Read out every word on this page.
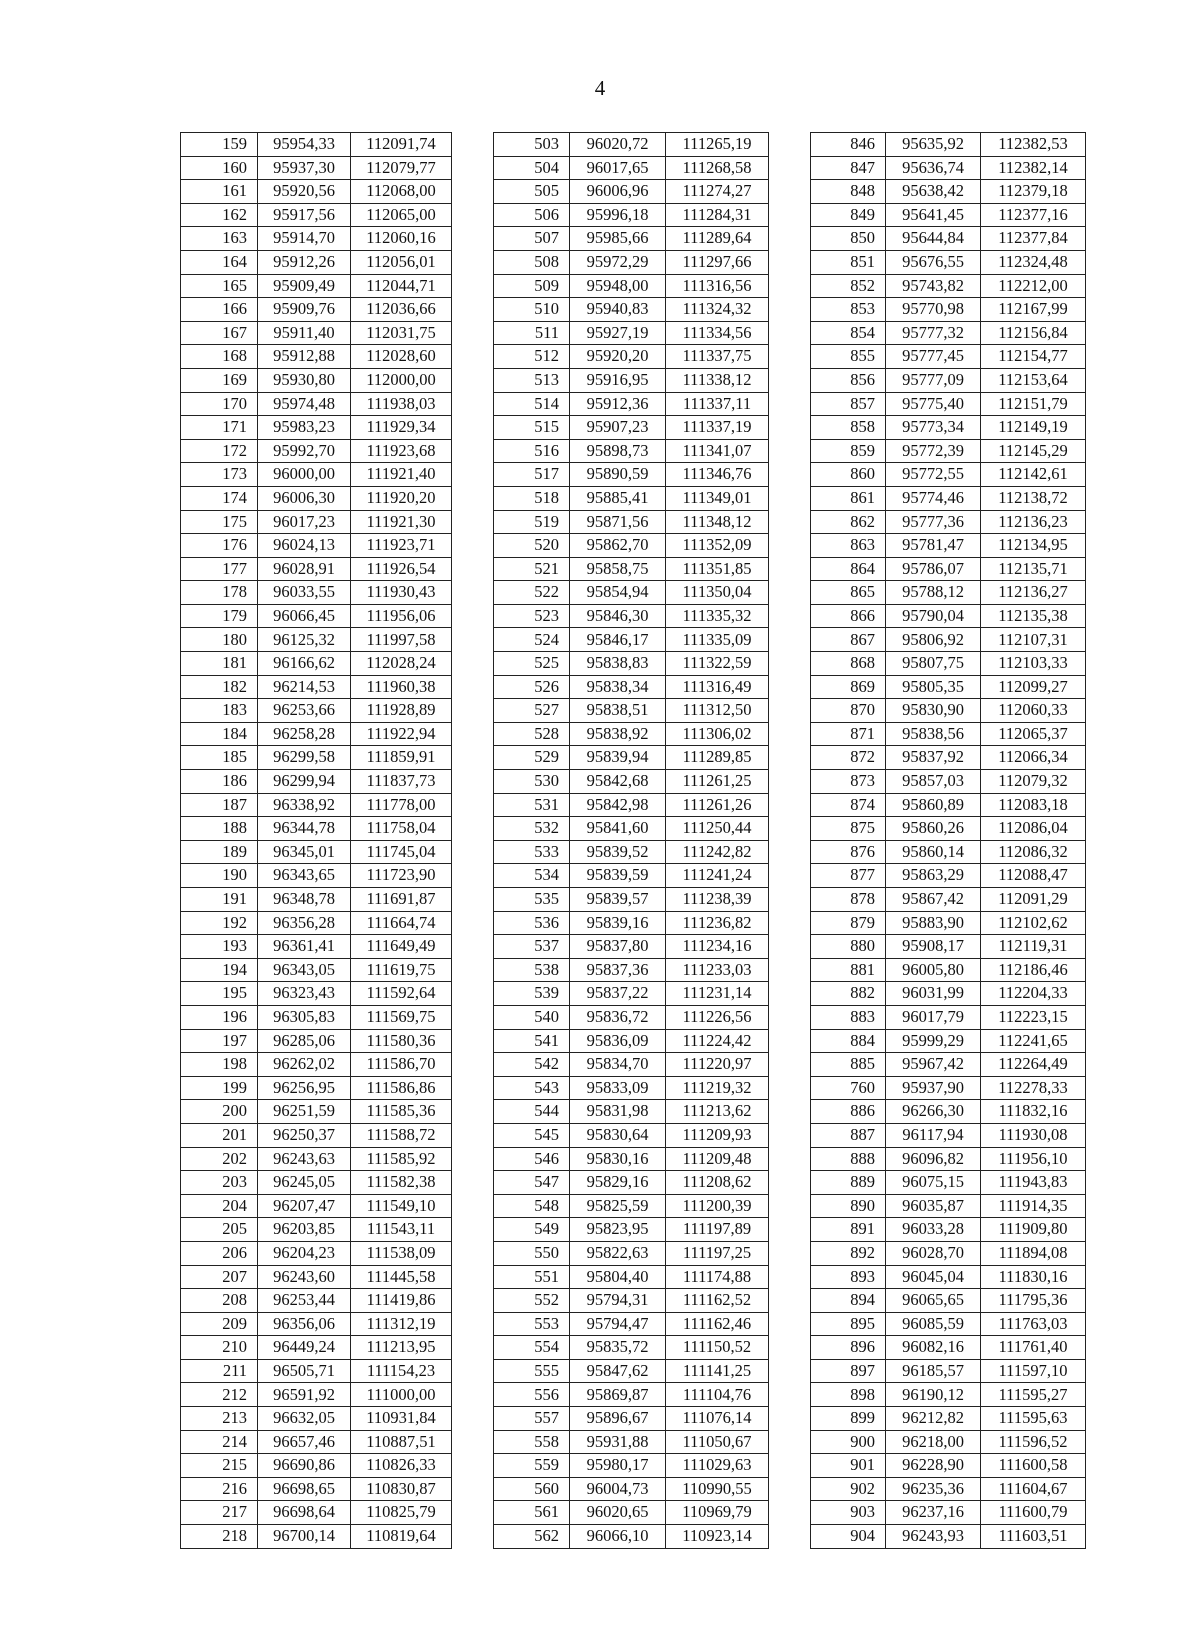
4
159	95954,33	112091,74		503	96020,72	111265,19		846	95635,92	112382,53
160	95937,30	112079,77		504	96017,65	111268,58		847	95636,74	112382,14
161	95920,56	112068,00		505	96006,96	111274,27		848	95638,42	112379,18
162	95917,56	112065,00		506	95996,18	111284,31		849	95641,45	112377,16
163	95914,70	112060,16		507	95985,66	111289,64		850	95644,84	112377,84
164	95912,26	112056,01		508	95972,29	111297,66		851	95676,55	112324,48
165	95909,49	112044,71		509	95948,00	111316,56		852	95743,82	112212,00
166	95909,76	112036,66		510	95940,83	111324,32		853	95770,98	112167,99
167	95911,40	112031,75		511	95927,19	111334,56		854	95777,32	112156,84
168	95912,88	112028,60		512	95920,20	111337,75		855	95777,45	112154,77
169	95930,80	112000,00		513	95916,95	111338,12		856	95777,09	112153,64
170	95974,48	111938,03		514	95912,36	111337,11		857	95775,40	112151,79
171	95983,23	111929,34		515	95907,23	111337,19		858	95773,34	112149,19
172	95992,70	111923,68		516	95898,73	111341,07		859	95772,39	112145,29
173	96000,00	111921,40		517	95890,59	111346,76		860	95772,55	112142,61
174	96006,30	111920,20		518	95885,41	111349,01		861	95774,46	112138,72
175	96017,23	111921,30		519	95871,56	111348,12		862	95777,36	112136,23
176	96024,13	111923,71		520	95862,70	111352,09		863	95781,47	112134,95
177	96028,91	111926,54		521	95858,75	111351,85		864	95786,07	112135,71
178	96033,55	111930,43		522	95854,94	111350,04		865	95788,12	112136,27
179	96066,45	111956,06		523	95846,30	111335,32		866	95790,04	112135,38
180	96125,32	111997,58		524	95846,17	111335,09		867	95806,92	112107,31
181	96166,62	112028,24		525	95838,83	111322,59		868	95807,75	112103,33
182	96214,53	111960,38		526	95838,34	111316,49		869	95805,35	112099,27
183	96253,66	111928,89		527	95838,51	111312,50		870	95830,90	112060,33
184	96258,28	111922,94		528	95838,92	111306,02		871	95838,56	112065,37
185	96299,58	111859,91		529	95839,94	111289,85		872	95837,92	112066,34
186	96299,94	111837,73		530	95842,68	111261,25		873	95857,03	112079,32
187	96338,92	111778,00		531	95842,98	111261,26		874	95860,89	112083,18
188	96344,78	111758,04		532	95841,60	111250,44		875	95860,26	112086,04
189	96345,01	111745,04		533	95839,52	111242,82		876	95860,14	112086,32
190	96343,65	111723,90		534	95839,59	111241,24		877	95863,29	112088,47
191	96348,78	111691,87		535	95839,57	111238,39		878	95867,42	112091,29
192	96356,28	111664,74		536	95839,16	111236,82		879	95883,90	112102,62
193	96361,41	111649,49		537	95837,80	111234,16		880	95908,17	112119,31
194	96343,05	111619,75		538	95837,36	111233,03		881	96005,80	112186,46
195	96323,43	111592,64		539	95837,22	111231,14		882	96031,99	112204,33
196	96305,83	111569,75		540	95836,72	111226,56		883	96017,79	112223,15
197	96285,06	111580,36		541	95836,09	111224,42		884	95999,29	112241,65
198	96262,02	111586,70		542	95834,70	111220,97		885	95967,42	112264,49
199	96256,95	111586,86		543	95833,09	111219,32		760	95937,90	112278,33
200	96251,59	111585,36		544	95831,98	111213,62		886	96266,30	111832,16
201	96250,37	111588,72		545	95830,64	111209,93		887	96117,94	111930,08
202	96243,63	111585,92		546	95830,16	111209,48		888	96096,82	111956,10
203	96245,05	111582,38		547	95829,16	111208,62		889	96075,15	111943,83
204	96207,47	111549,10		548	95825,59	111200,39		890	96035,87	111914,35
205	96203,85	111543,11		549	95823,95	111197,89		891	96033,28	111909,80
206	96204,23	111538,09		550	95822,63	111197,25		892	96028,70	111894,08
207	96243,60	111445,58		551	95804,40	111174,88		893	96045,04	111830,16
208	96253,44	111419,86		552	95794,31	111162,52		894	96065,65	111795,36
209	96356,06	111312,19		553	95794,47	111162,46		895	96085,59	111763,03
210	96449,24	111213,95		554	95835,72	111150,52		896	96082,16	111761,40
211	96505,71	111154,23		555	95847,62	111141,25		897	96185,57	111597,10
212	96591,92	111000,00		556	95869,87	111104,76		898	96190,12	111595,27
213	96632,05	110931,84		557	95896,67	111076,14		899	96212,82	111595,63
214	96657,46	110887,51		558	95931,88	111050,67		900	96218,00	111596,52
215	96690,86	110826,33		559	95980,17	111029,63		901	96228,90	111600,58
216	96698,65	110830,87		560	96004,73	110990,55		902	96235,36	111604,67
217	96698,64	110825,79		561	96020,65	110969,79		903	96237,16	111600,79
218	96700,14	110819,64		562	96066,10	110923,14		904	96243,93	111603,51
